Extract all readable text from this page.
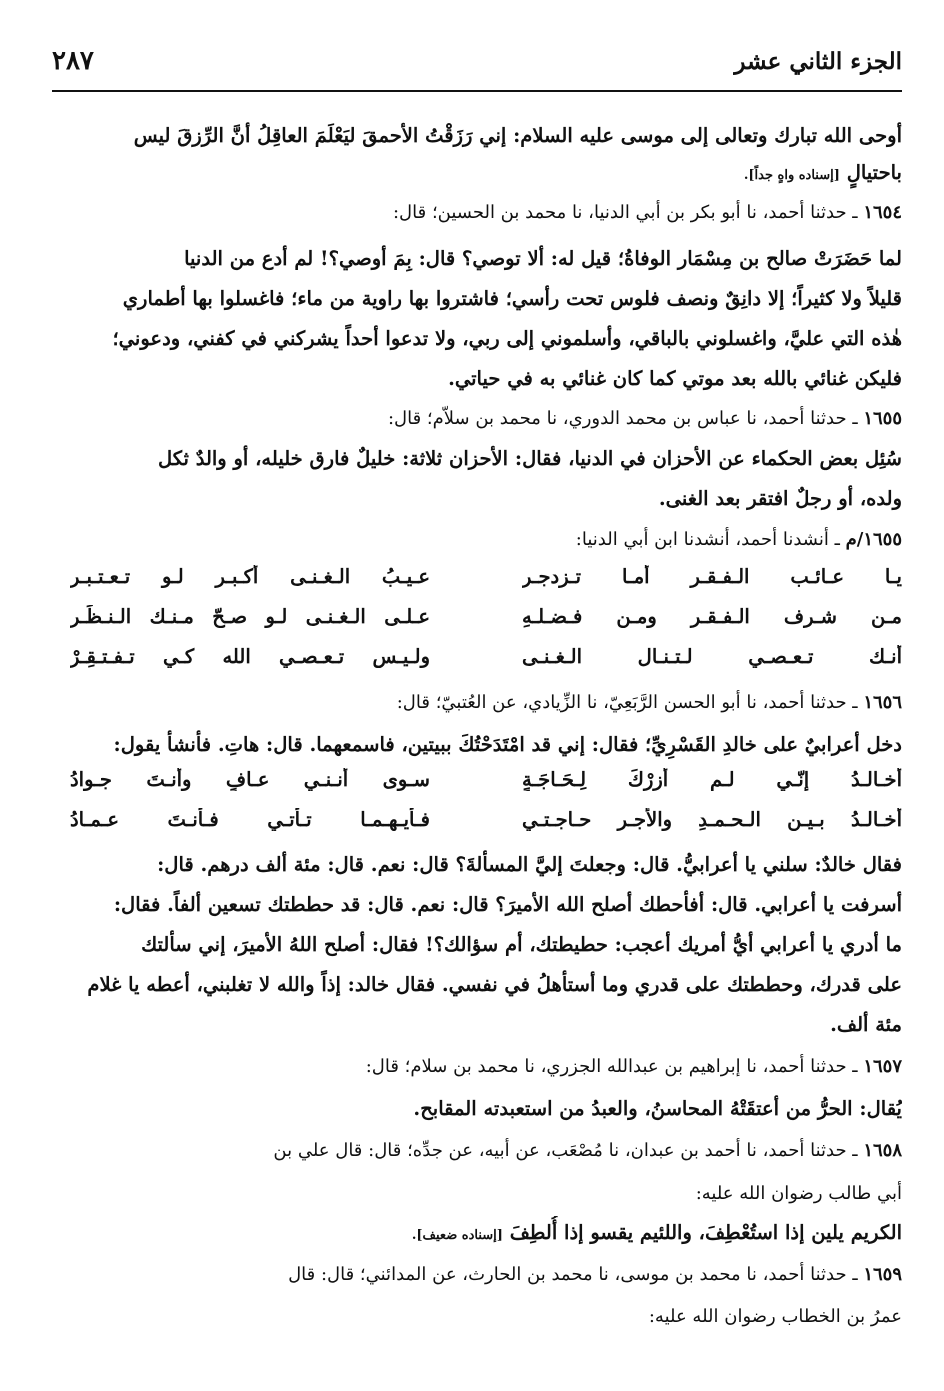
الجزء الثاني عشر
٢٨٧
أوحى الله تبارك وتعالى إلى موسى عليه السلام: إني رَزَقْتُ الأحمقَ ليَعْلَمَ العاقِلُ أنَّ الرِّزقَ ليس
باحتيالٍ [إسناده واهٍ جداً].
١٦٥٤ ـ حدثنا أحمد، نا أبو بكر بن أبي الدنيا، نا محمد بن الحسين؛ قال:
لما حَضَرَتْ صالح بن مِسْمَار الوفاةُ؛ قيل له: ألا توصي؟ قال: بِمَ أوصي؟! لم أدع من الدنيا
قليلاً ولا كثيراً؛ إلا دانِقٌ ونصف فلوس تحت رأسي؛ فاشتروا بها راوية من ماء؛ فاغسلوا بها أطماري
هٰذه التي عليَّ، واغسلوني بالباقي، وأسلموني إلى ربي، ولا تدعوا أحداً يشركني في كفني، ودعوني؛
فليكن غنائي بالله بعد موتي كما كان غنائي به في حياتي.
١٦٥٥ ـ حدثنا أحمد، نا عباس بن محمد الدوري، نا محمد بن سلاّم؛ قال:
سُئِل بعض الحكماء عن الأحزان في الدنيا، فقال: الأحزان ثلاثة: خليلٌ فارق خليله، أو والدٌ ثكل
ولده، أو رجلٌ افتقر بعد الغنى.
١٦٥٥/م ـ أنشدنا أحمد، أنشدنا ابن أبي الدنيا:
يـا عـائـب الـفـقـر أمـا تـزدجـر
عـيـبُ الـغـنـى أكـبـر لـو تـعـتـبـر
مـن شـرف الـفـقـر ومـن فـضـلـهِ
عـلـى الـغـنـى لـو صـحّ مـنـك الـنـظَـر
أنـك تـعـصـي لـتـنـال الـغـنـى
ولـيـس تـعـصـي الله كـي تـفـتـقِـرْ
١٦٥٦ ـ حدثنا أحمد، نا أبو الحسن الرَّبَعِيّ، نا الزِّيادي، عن العُتبيّ؛ قال:
دخل أعرابيٌ على خالدِ القَسْرِيِّ؛ فقال: إني قد امْتَدَحْتُكَ ببيتين، فاسمعهما. قال: هاتِ. فأنشأ يقول:
أخـالـدُ إنّـي لـم أزرْكَ لِـحَـاجَـةٍ
سـوى أنـنـي عـافٍ وأنـتَ جـوادُ
أخـالـدُ بـيـن الـحـمـدِ والأجـر حـاجـتـي
فـأيـهـمـا تـأتـي فـأنـتَ عـمـادُ
فقال خالدٌ: سلني يا أعرابيُّ. قال: وجعلتَ إليَّ المسألةَ؟ قال: نعم. قال: مئة ألف درهم. قال:
أسرفت يا أعرابي. قال: أفأحطك أصلح الله الأميرَ؟ قال: نعم. قال: قد حططتك تسعين ألفاً. فقال:
ما أدري يا أعرابي أيُّ أمريك أعجب: حطيطتك، أم سؤالك؟! فقال: أصلح اللهُ الأميرَ، إني سألتك
على قدرك، وحططتك على قدري وما أستأهلُ في نفسي. فقال خالد: إذاً والله لا تغلبني، أعطه يا غلام
مئة ألف.
١٦٥٧ ـ حدثنا أحمد، نا إبراهيم بن عبدالله الجزري، نا محمد بن سلام؛ قال:
يُقال: الحرُّ من أعتقَتْهُ المحاسنُ، والعبدُ من استعبدته المقابح.
١٦٥٨ ـ حدثنا أحمد، نا أحمد بن عبدان، نا مُصْعَب، عن أبيه، عن جدِّه؛ قال: قال علي بن
أبي طالب رضوان الله عليه:
الكريم يلين إذا استُعْطِفَ، واللئيم يقسو إذا أُلطِفَ [إسناده ضعيف].
١٦٥٩ ـ حدثنا أحمد، نا محمد بن موسى، نا محمد بن الحارث، عن المدائني؛ قال: قال
عمرُ بن الخطاب رضوان الله عليه:
